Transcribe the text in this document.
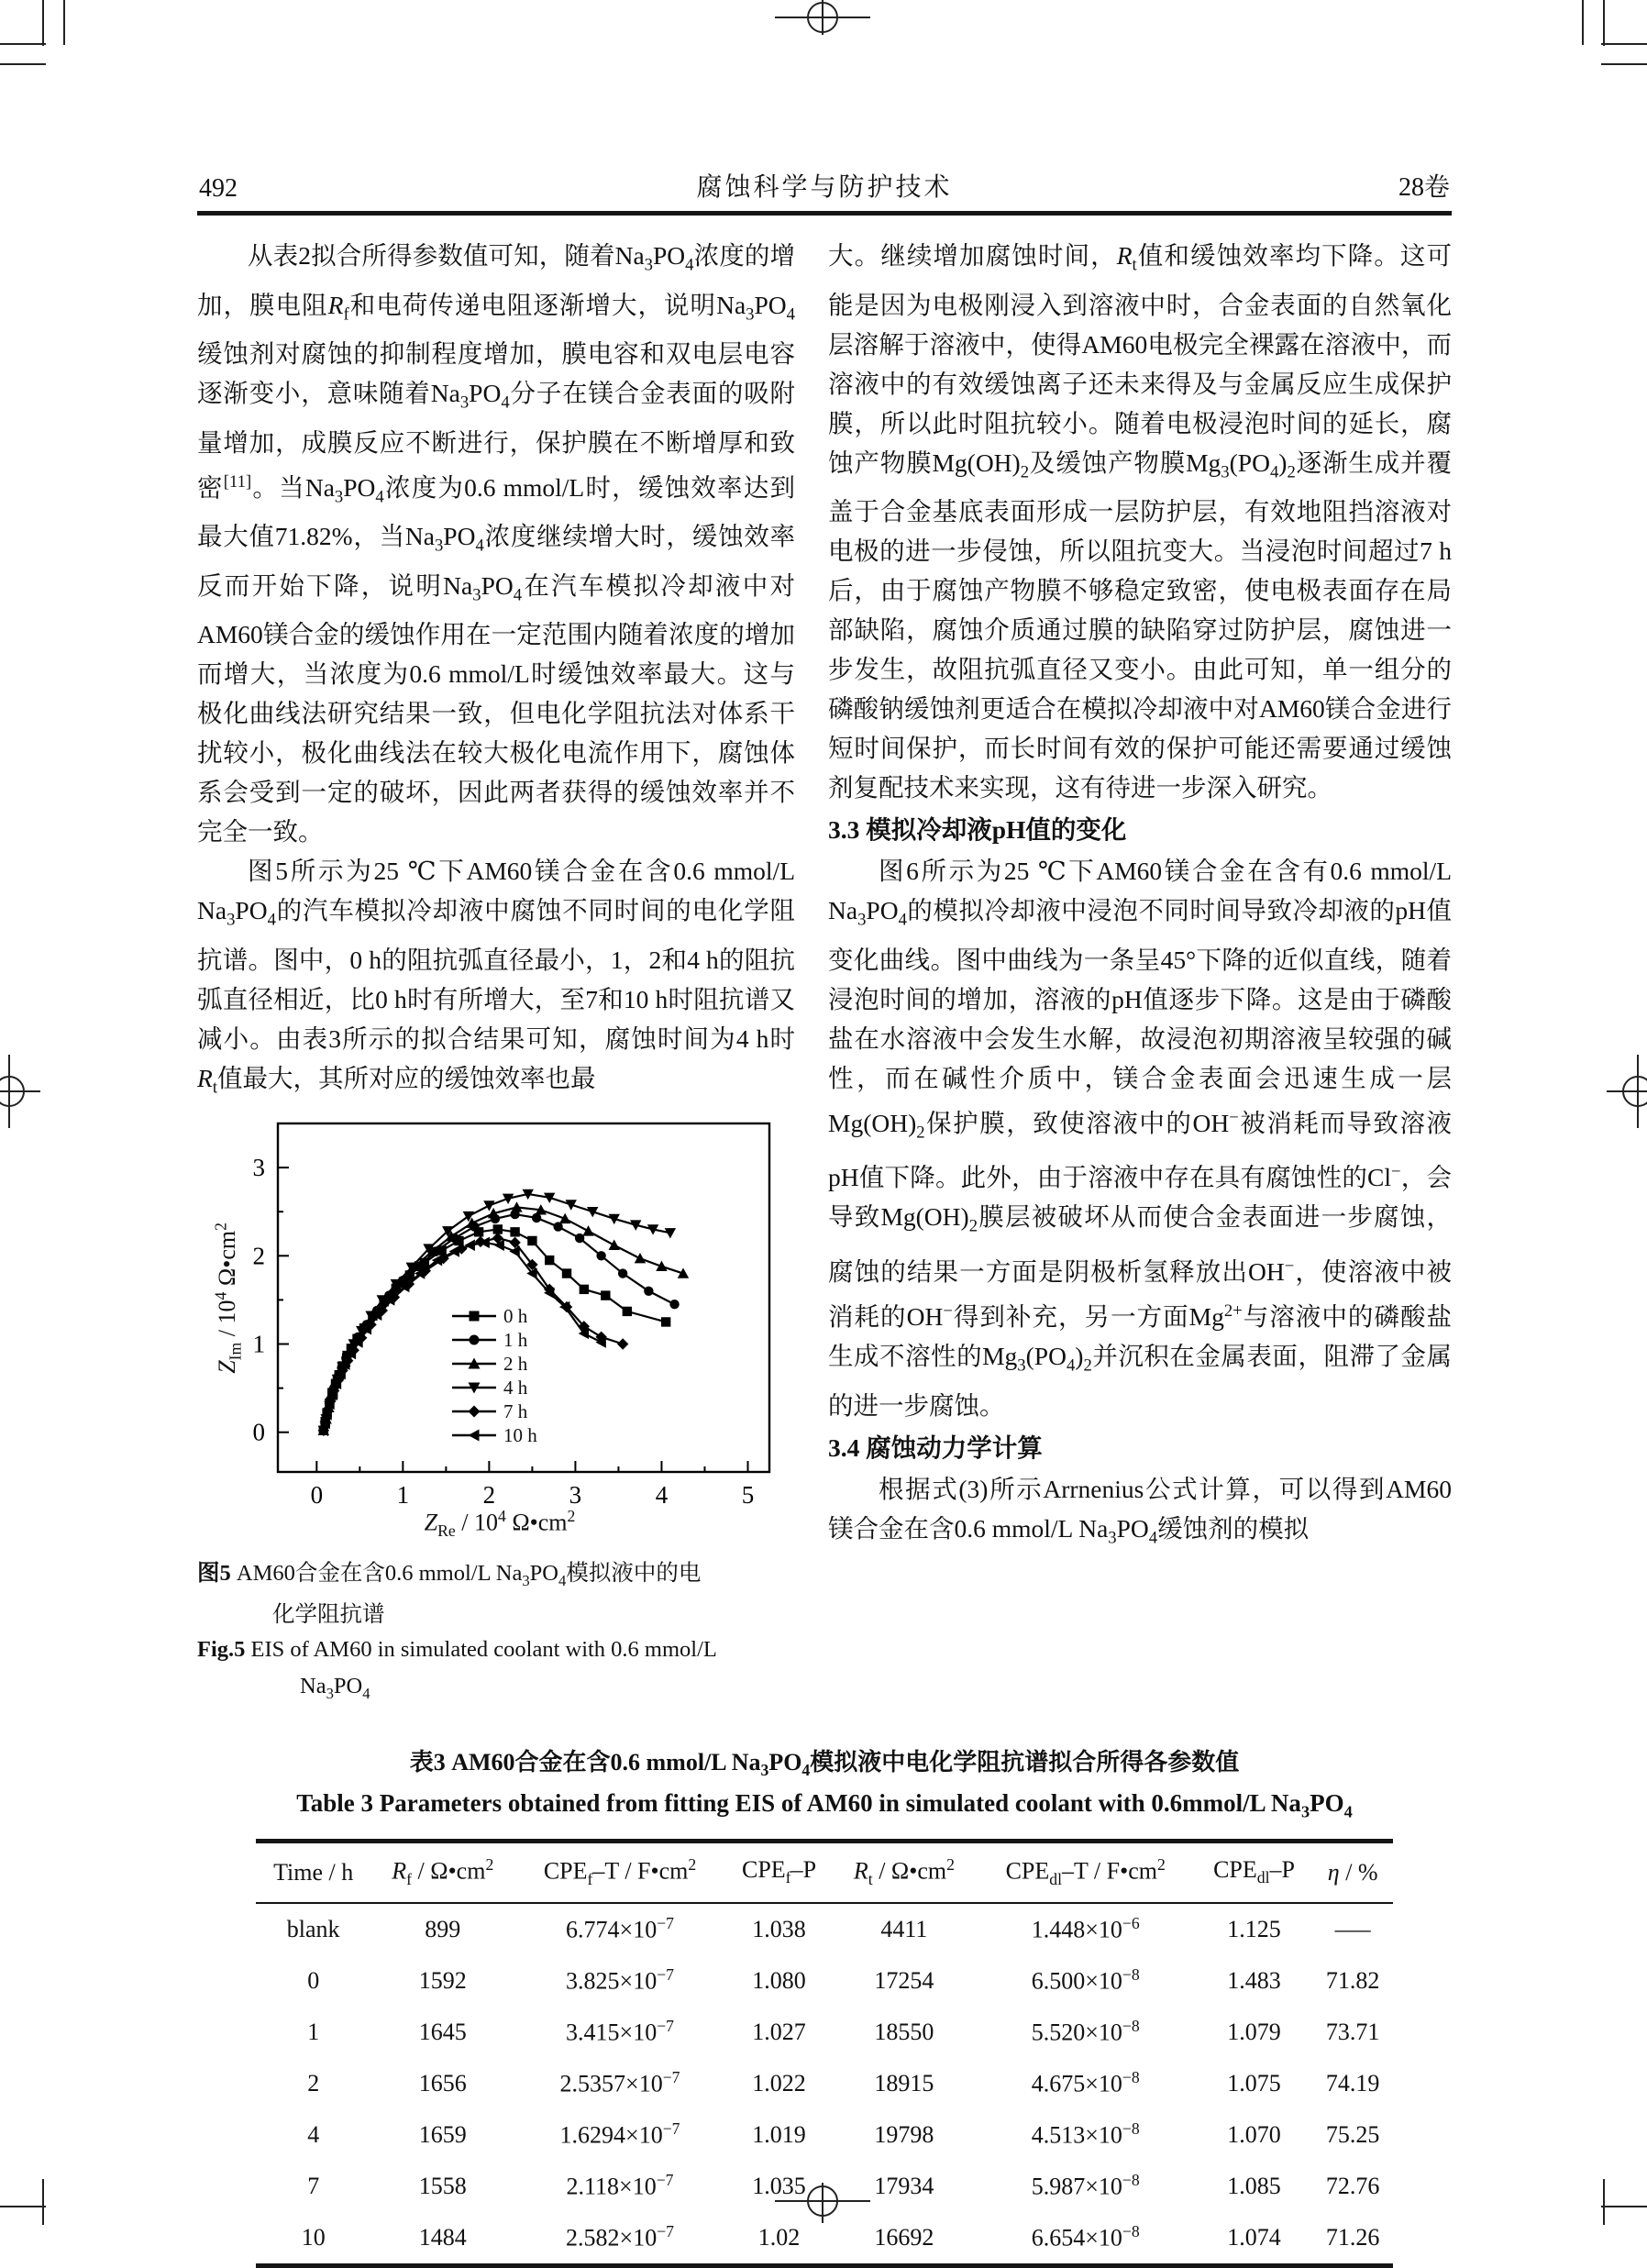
492	腐蚀科学与防护技术	28卷

从表2拟合所得参数值可知，随着$Na_3PO_4$浓度的增加，膜电阻$R_f$和电荷传递电阻逐渐增大，说明$Na_3PO_4$缓蚀剂对腐蚀的抑制程度增加，膜电容和双电层电容逐渐变小，意味随着$Na_3PO_4$分子在镁合金表面的吸附量增加，成膜反应不断进行，保护膜在不断增厚和致密[11]。当$Na_3PO_4$浓度为0.6 mmol/L时，缓蚀效率达到最大值71.82%，当$Na_3PO_4$浓度继续增大时，缓蚀效率反而开始下降，说明$Na_3PO_4$在汽车模拟冷却液中对AM60镁合金的缓蚀作用在一定范围内随着浓度的增加而增大，当浓度为0.6 mmol/L时缓蚀效率最大。这与极化曲线法研究结果一致，但电化学阻抗法对体系干扰较小，极化曲线法在较大极化电流作用下，腐蚀体系会受到一定的破坏，因此两者获得的缓蚀效率并不完全一致。

图5所示为25 ℃下AM60镁合金在含0.6 mmol/L $Na_3PO_4$的汽车模拟冷却液中腐蚀不同时间的电化学阻抗谱。图中，0 h的阻抗弧直径最小，1，2和4 h的阻抗弧直径相近，比0 h时有所增大，至7和10 h时阻抗谱又减小。由表3所示的拟合结果可知，腐蚀时间为4 h时 $R_t$值最大，其所对应的缓蚀效率也最

0	1	2	3	4	5
0
1
2
3
$Z_{Im} / 10^4$ $\Omega•cm^2$
$Z_{Re} / 10^4$ $\Omega•cm^2$
0 h
1 h
2 h
4 h
7 h
10 h
图5 AM60合金在含0.6 mmol/L $Na_3PO_4$模拟液中的电
化学阻抗谱
Fig.5 EIS of AM60 in simulated coolant with 0.6 mmol/L
$Na_3PO_4$

大。继续增加腐蚀时间，$R_t$值和缓蚀效率均下降。这可能是因为电极刚浸入到溶液中时，合金表面的自然氧化层溶解于溶液中，使得AM60电极完全裸露在溶液中，而溶液中的有效缓蚀离子还未来得及与金属反应生成保护膜，所以此时阻抗较小。随着电极浸泡时间的延长，腐蚀产物膜$Mg(OH)_2$及缓蚀产物膜$Mg_3(PO_4)_2$逐渐生成并覆盖于合金基底表面形成一层防护层，有效地阻挡溶液对电极的进一步侵蚀，所以阻抗变大。当浸泡时间超过7 h后，由于腐蚀产物膜不够稳定致密，使电极表面存在局部缺陷，腐蚀介质通过膜的缺陷穿过防护层，腐蚀进一步发生，故阻抗弧直径又变小。由此可知，单一组分的磷酸钠缓蚀剂更适合在模拟冷却液中对AM60镁合金进行短时间保护，而长时间有效的保护可能还需要通过缓蚀剂复配技术来实现，这有待进一步深入研究。

3.3 模拟冷却液pH值的变化

图6所示为25 ℃下AM60镁合金在含有0.6 mmol/L $Na_3PO_4$的模拟冷却液中浸泡不同时间导致冷却液的pH值变化曲线。图中曲线为一条呈45°下降的近似直线，随着浸泡时间的增加，溶液的pH值逐步下降。这是由于磷酸盐在水溶液中会发生水解，故浸泡初期溶液呈较强的碱性，而在碱性介质中，镁合金表面会迅速生成一层$Mg(OH)_2$保护膜，致使溶液中的OH−被消耗而导致溶液pH值下降。此外，由于溶液中存在具有腐蚀性的Cl−，会导致$Mg(OH)_2$膜层被破坏从而使合金表面进一步腐蚀，腐蚀的结果一方面是阴极析氢释放出OH−，使溶液中被消耗的OH−得到补充，另一方面$Mg^{2+}$与溶液中的磷酸盐生成不溶性的$Mg_3(PO_4)_2$并沉积在金属表面，阻滞了金属的进一步腐蚀。

3.4 腐蚀动力学计算

根据式(3)所示Arrnenius公式计算，可以得到AM60镁合金在含0.6 mmol/L $Na_3PO_4$缓蚀剂的模拟

表3 AM60合金在含0.6 mmol/L $Na_3PO_4$模拟液中电化学阻抗谱拟合所得各参数值
Table 3 Parameters obtained from fitting EIS of AM60 in simulated coolant with 0.6mmol/L $Na_3PO_4$
Time / h	$R_f$ / $\Omega•cm^2$	$CPE_f-T$ / $F•cm^2$	$CPE_f-P$	$R_t$ / $\Omega•cm^2$	$CPE_{dl}-T$ / $F•cm^2$	$CPE_{dl}-P$	η / %
blank	899	$6.774\times 10^{-7}$	1.038	4411	$1.448\times 10^{-6}$	1.125	–––
0	1592	$3.825\times 10^{-7}$	1.080	17254	$6.500\times 10^{-8}$	1.483	71.82
1	1645	$3.415\times 10^{-7}$	1.027	18550	$5.520\times 10^{-8}$	1.079	73.71
2	1656	$2.5357\times 10^{-7}$	1.022	18915	$4.675\times 10^{-8}$	1.075	74.19
4	1659	$1.6294\times 10^{-7}$	1.019	19798	$4.513\times 10^{-8}$	1.070	75.25
7	1558	$2.118\times 10^{-7}$	1.035	17934	$5.987\times 10^{-8}$	1.085	72.76
10	1484	$2.582\times 10^{-7}$	1.02	16692	$6.654\times 10^{-8}$	1.074	71.26
